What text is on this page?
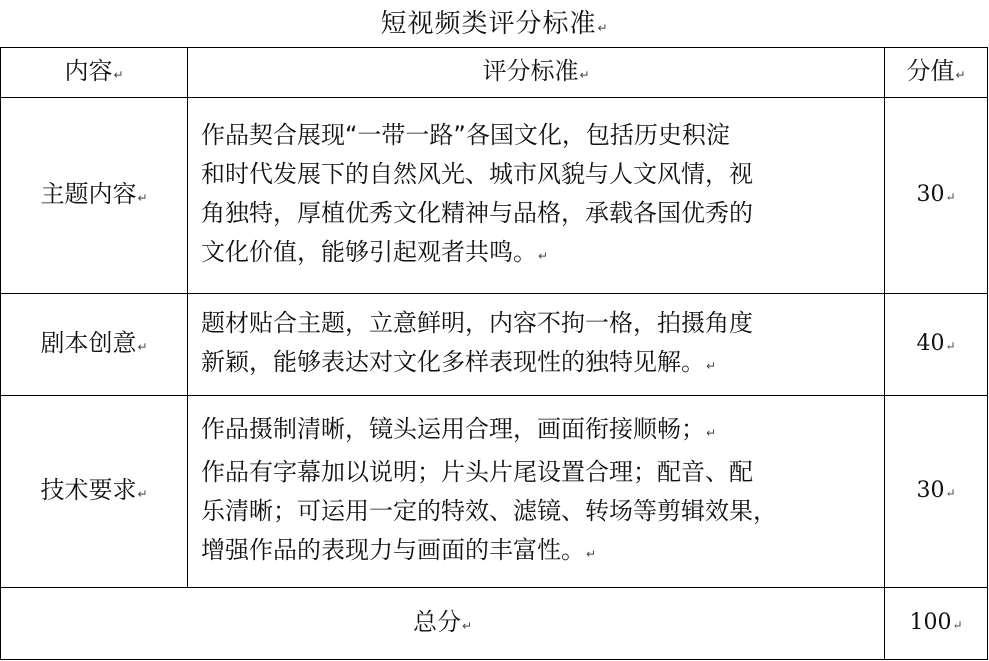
短视频类评分标准↵
内容↵	评分标准↵	分值↵
主题内容↵	作品契合展现“一带一路”各国文化，包括历史积淀
和时代发展下的自然风光、城市风貌与人文风情，视
角独特，厚植优秀文化精神与品格，承载各国优秀的
文化价值，能够引起观者共鸣。↵	30↵
剧本创意↵	题材贴合主题，立意鲜明，内容不拘一格，拍摄角度
新颖，能够表达对文化多样表现性的独特见解。↵	40↵
技术要求↵	作品摄制清晰，镜头运用合理，画面衔接顺畅；↵
作品有字幕加以说明；片头片尾设置合理；配音、配
乐清晰；可运用一定的特效、滤镜、转场等剪辑效果，
增强作品的表现力与画面的丰富性。↵	30↵
总分↵		100↵
